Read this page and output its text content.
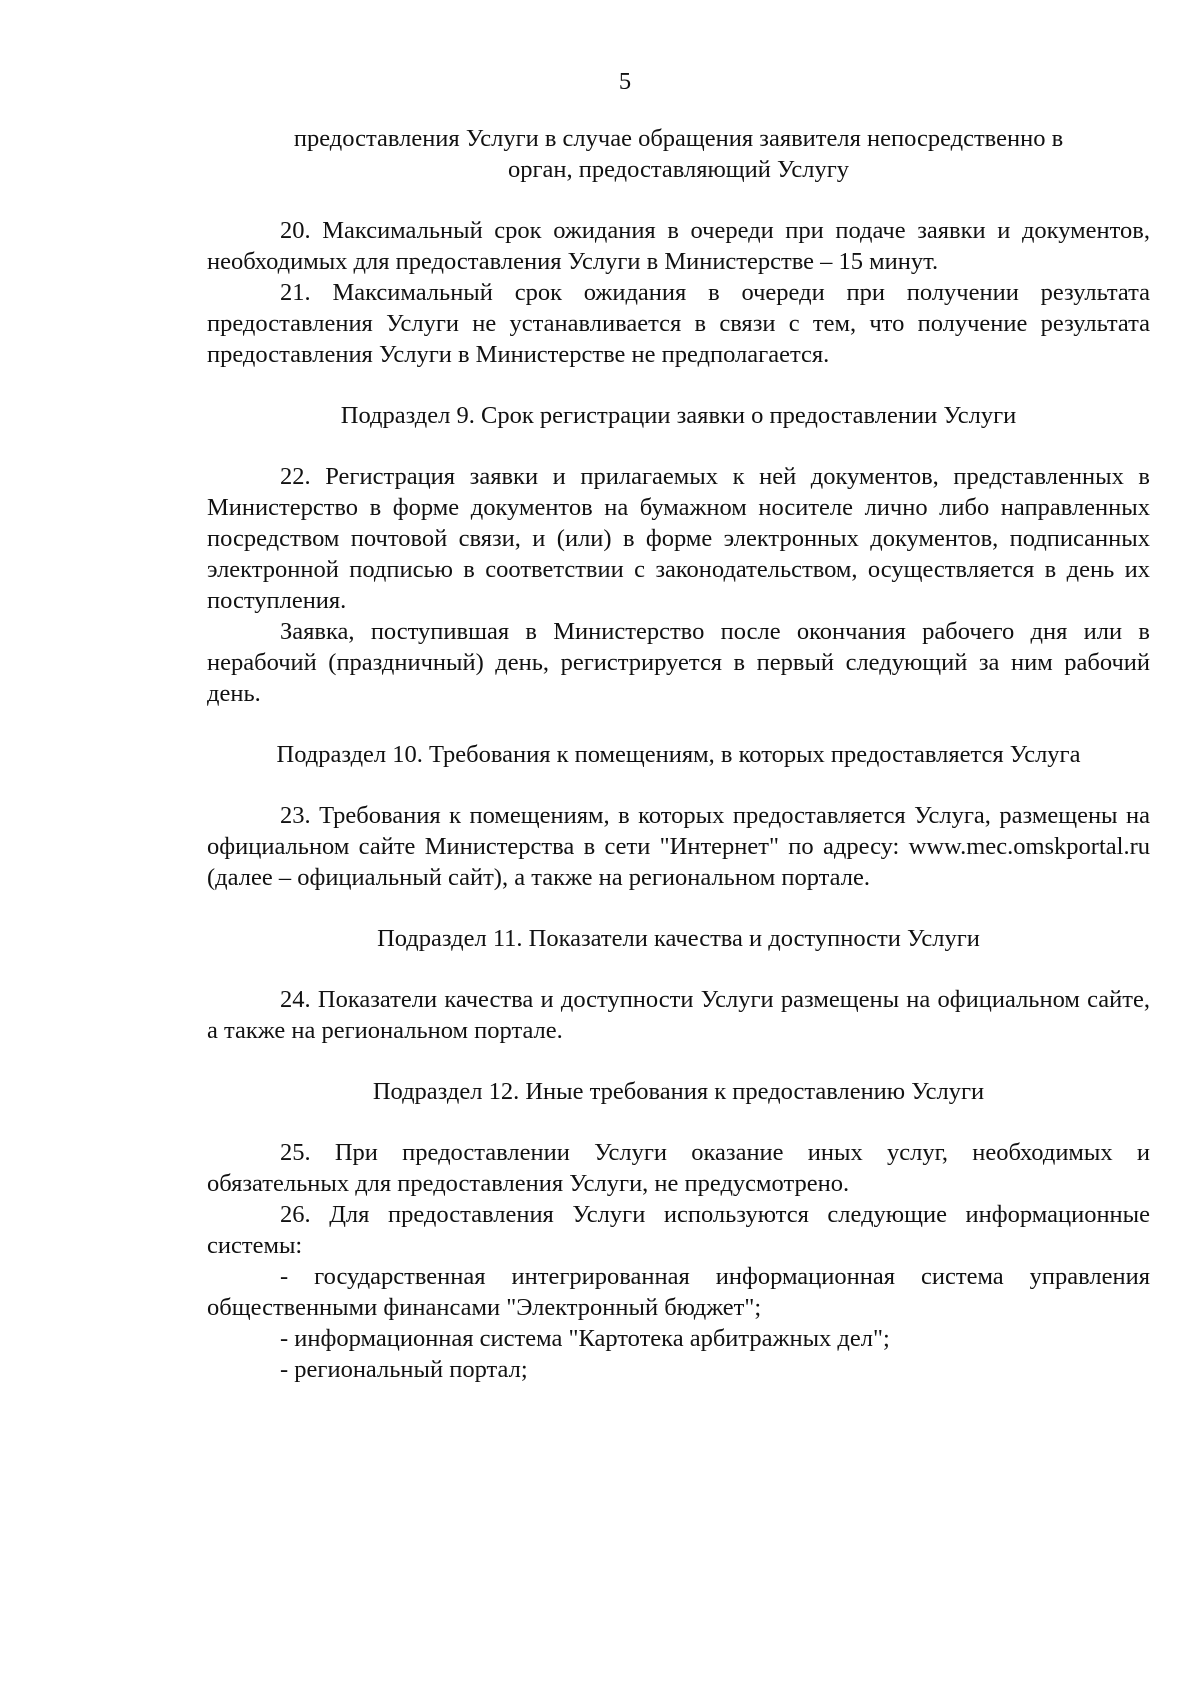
5

предоставления Услуги в случае обращения заявителя непосредственно в

орган, предоставляющий Услугу

20. Максимальный срок ожидания в очереди при подаче заявки и документов, необходимых для предоставления Услуги в Министерстве – 15 минут.

21. Максимальный срок ожидания в очереди при получении результата предоставления Услуги не устанавливается в связи с тем, что получение результата предоставления Услуги в Министерстве не предполагается.

Подраздел 9. Срок регистрации заявки о предоставлении Услуги

22. Регистрация заявки и прилагаемых к ней документов, представленных в Министерство в форме документов на бумажном носителе лично либо направленных посредством почтовой связи, и (или) в форме электронных документов, подписанных электронной подписью в соответствии с законодательством, осуществляется в день их поступления.

Заявка, поступившая в Министерство после окончания рабочего дня или в нерабочий (праздничный) день, регистрируется в первый следующий за ним рабочий день.

Подраздел 10. Требования к помещениям, в которых предоставляется Услуга

23. Требования к помещениям, в которых предоставляется Услуга, размещены на официальном сайте Министерства в сети "Интернет" по адресу: www.mec.omskportal.ru (далее – официальный сайт), а также на региональном портале.

Подраздел 11. Показатели качества и доступности Услуги

24. Показатели качества и доступности Услуги размещены на официальном сайте, а также на региональном портале.

Подраздел 12. Иные требования к предоставлению Услуги

25. При предоставлении Услуги оказание иных услуг, необходимых и обязательных для предоставления Услуги, не предусмотрено.

26. Для предоставления Услуги используются следующие информационные системы:

- государственная интегрированная информационная система управления общественными финансами "Электронный бюджет";

- информационная система "Картотека арбитражных дел";

- региональный портал;
